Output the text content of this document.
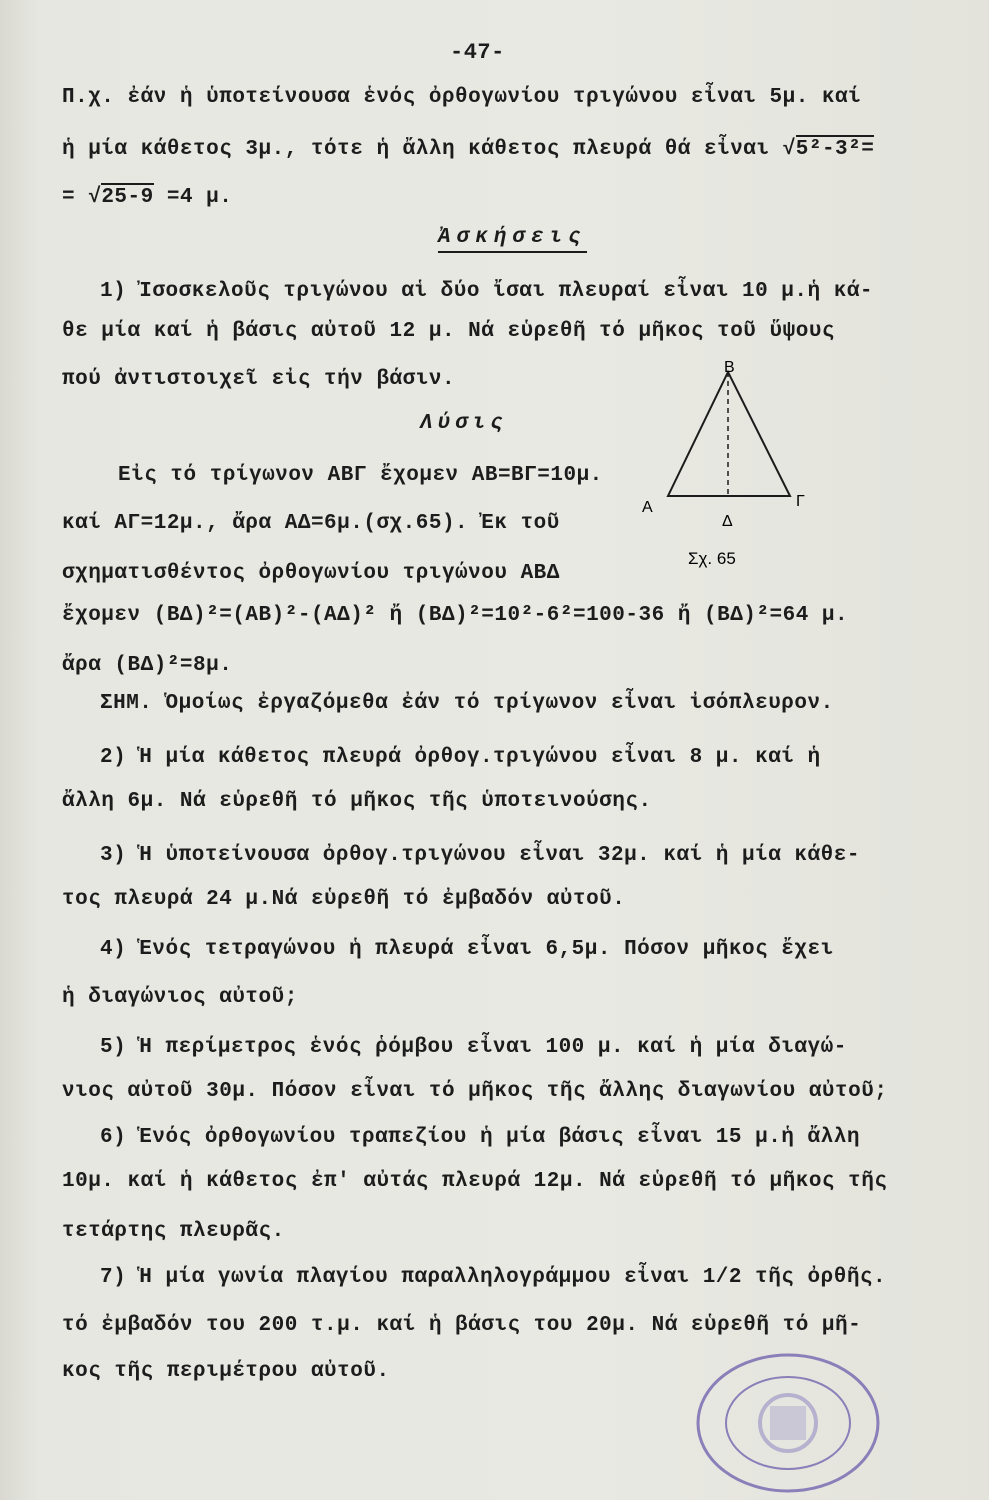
-47-
Π.χ. ἐάν ἡ ὑποτείνουσα ἑνός ὀρθογωνίου τριγώνου εἶναι 5μ. καί
ἡ μία κάθετος 3μ., τότε ἡ ἄλλη κάθετος πλευρά θά εἶναι √5²-3²=
= √25-9 =4 μ.
Ἀσκήσεις
1) Ἰσοσκελοῦς τριγώνου αἱ δύο ἴσαι πλευραί εἶναι 10 μ.ἡ κά-
θε μία καί ἡ βάσις αὐτοῦ 12 μ. Νά εὑρεθῆ τό μῆκος τοῦ ὕψους
πού ἀντιστοιχεῖ εἰς τήν βάσιν.
Λύσις
Εἰς τό τρίγωνον ΑΒΓ ἔχομεν ΑΒ=ΒΓ=10μ.
καί ΑΓ=12μ., ἄρα ΑΔ=6μ.(σχ.65). Ἐκ τοῦ
σχηματισθέντος ὀρθογωνίου τριγώνου ΑΒΔ
ἔχομεν (ΒΔ)²=(ΑΒ)²-(ΑΔ)² ἤ (ΒΔ)²=10²-6²=100-36 ἤ (ΒΔ)²=64 μ.
ἄρα (ΒΔ)²=8μ.
ΣΗΜ. Ὁμοίως ἐργαζόμεθα ἐάν τό τρίγωνον εἶναι ἰσόπλευρον.
2) Ἡ μία κάθετος πλευρά ὀρθογ.τριγώνου εἶναι 8 μ. καί ἡ
ἄλλη 6μ. Νά εὑρεθῆ τό μῆκος τῆς ὑποτεινούσης.
3) Ἡ ὑποτείνουσα ὀρθογ.τριγώνου εἶναι 32μ. καί ἡ μία κάθε-
τος πλευρά 24 μ.Νά εὑρεθῆ τό ἐμβαδόν αὐτοῦ.
4) Ἑνός τετραγώνου ἡ πλευρά εἶναι 6,5μ. Πόσον μῆκος ἔχει
ἡ διαγώνιος αὐτοῦ;
5) Ἡ περίμετρος ἑνός ῥόμβου εἶναι 100 μ. καί ἡ μία διαγώ-
νιος αὐτοῦ 30μ. Πόσον εἶναι τό μῆκος τῆς ἄλλης διαγωνίου αὐτοῦ;
6) Ἑνός ὀρθογωνίου τραπεζίου ἡ μία βάσις εἶναι 15 μ.ἡ ἄλλη
10μ. καί ἡ κάθετος ἐπ' αὐτάς πλευρά 12μ. Νά εὑρεθῆ τό μῆκος τῆς
τετάρτης πλευρᾶς.
7) Ἡ μία γωνία πλαγίου παραλληλογράμμου εἶναι 1/2 τῆς ὀρθῆς.
τό ἐμβαδόν του 200 τ.μ. καί ἡ βάσις του 20μ. Νά εὑρεθῆ τό μῆ-
κος τῆς περιμέτρου αὐτοῦ.
Β
Α	Γ
Δ
Σχ. 65
